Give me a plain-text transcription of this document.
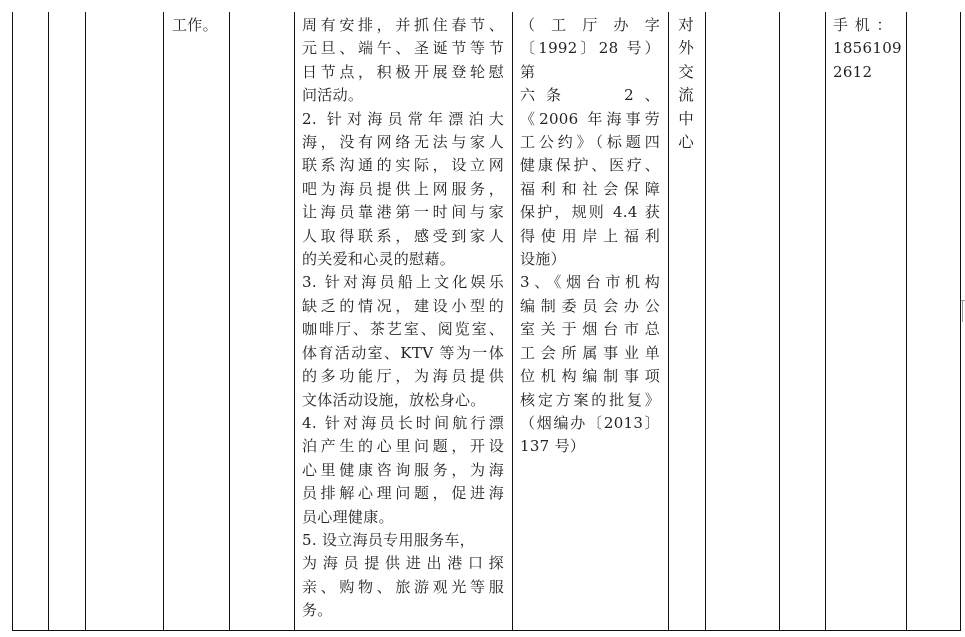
工作。	周有安排，并抓住春节、
元旦、端午、圣诞节等节
日节点，积极开展登轮慰
问活动。
2. 针对海员常年漂泊大
海，没有网络无法与家人
联系沟通的实际，设立网
吧为海员提供上网服务，
让海员靠港第一时间与家
人取得联系，感受到家人
的关爱和心灵的慰藉。
3. 针对海员船上文化娱乐
缺乏的情况，建设小型的
咖啡厅、茶艺室、阅览室、
体育活动室、KTV 等为一体
的多功能厅，为海员提供
文体活动设施，放松身心。
4. 针对海员长时间航行漂
泊产生的心里问题，开设
心里健康咨询服务，为海
员排解心理问题，促进海
员心理健康。
5. 设立海员专用服务车，
为海员提供进出港口探
亲、购物、旅游观光等服
务。
（ 工 厅 办 字
〔1992〕28 号）第
六条　　2、
《2006 年海事劳
工公约》（标题四
健康保护、医疗、
福利和社会保障
保护，规则 4.4 获
得使用岸上福利
设施）
3、《烟台市机构
编制委员会办公
室关于烟台市总
工会所属事业单
位机构编制事项
核定方案的批复》
（烟编办〔2013〕
137 号）
对
外
交
流
中
心
手 机 ：
1856109
2612
